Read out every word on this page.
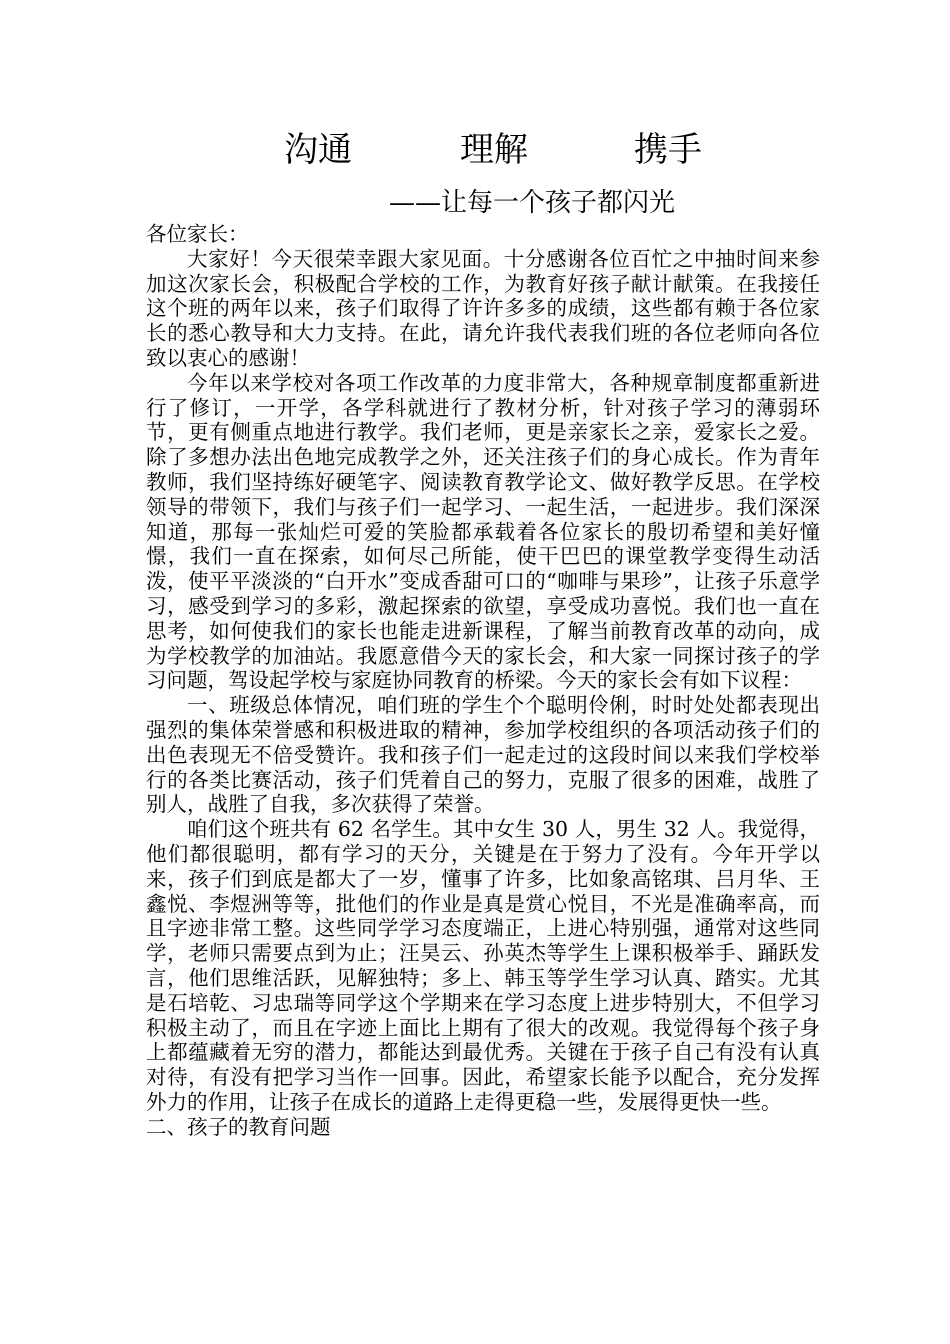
沟通	理解	携手
——让每一个孩子都闪光

各位家长：

大家好！今天很荣幸跟大家见面。十分感谢各位百忙之中抽时间来参加这次家长会，积极配合学校的工作，为教育好孩子献计献策。在我接任这个班的两年以来，孩子们取得了许许多多的成绩，这些都有赖于各位家长的悉心教导和大力支持。在此，请允许我代表我们班的各位老师向各位致以衷心的感谢！

今年以来学校对各项工作改革的力度非常大，各种规章制度都重新进行了修订，一开学，各学科就进行了教材分析，针对孩子学习的薄弱环节，更有侧重点地进行教学。我们老师，更是亲家长之亲，爱家长之爱。除了多想办法出色地完成教学之外，还关注孩子们的身心成长。作为青年教师，我们坚持练好硬笔字、阅读教育教学论文、做好教学反思。在学校领导的带领下，我们与孩子们一起学习、一起生活，一起进步。我们深深知道，那每一张灿烂可爱的笑脸都承载着各位家长的殷切希望和美好憧憬，我们一直在探索，如何尽己所能，使干巴巴的课堂教学变得生动活泼，使平平淡淡的“白开水”变成香甜可口的“咖啡与果珍”，让孩子乐意学习，感受到学习的多彩，激起探索的欲望，享受成功喜悦。我们也一直在思考，如何使我们的家长也能走进新课程，了解当前教育改革的动向，成为学校教学的加油站。我愿意借今天的家长会，和大家一同探讨孩子的学习问题，驾设起学校与家庭协同教育的桥梁。今天的家长会有如下议程：

一、班级总体情况，咱们班的学生个个聪明伶俐，时时处处都表现出强烈的集体荣誉感和积极进取的精神，参加学校组织的各项活动孩子们的出色表现无不倍受赞许。我和孩子们一起走过的这段时间以来我们学校举行的各类比赛活动，孩子们凭着自己的努力，克服了很多的困难，战胜了别人，战胜了自我，多次获得了荣誉。

咱们这个班共有 62 名学生。其中女生 30 人，男生 32 人。我觉得，他们都很聪明，都有学习的天分，关键是在于努力了没有。今年开学以来，孩子们到底是都大了一岁，懂事了许多，比如象高铭琪、吕月华、王鑫悦、李煜洲等等，批他们的作业是真是赏心悦目，不光是准确率高，而且字迹非常工整。这些同学学习态度端正，上进心特别强，通常对这些同学，老师只需要点到为止；汪昊云、孙英杰等学生上课积极举手、踊跃发言，他们思维活跃，见解独特；多上、韩玉等学生学习认真、踏实。尤其是石培乾、习忠瑞等同学这个学期来在学习态度上进步特别大，不但学习积极主动了，而且在字迹上面比上期有了很大的改观。我觉得每个孩子身上都蕴藏着无穷的潜力，都能达到最优秀。关键在于孩子自己有没有认真对待，有没有把学习当作一回事。因此，希望家长能予以配合，充分发挥外力的作用，让孩子在成长的道路上走得更稳一些，发展得更快一些。

二、孩子的教育问题
